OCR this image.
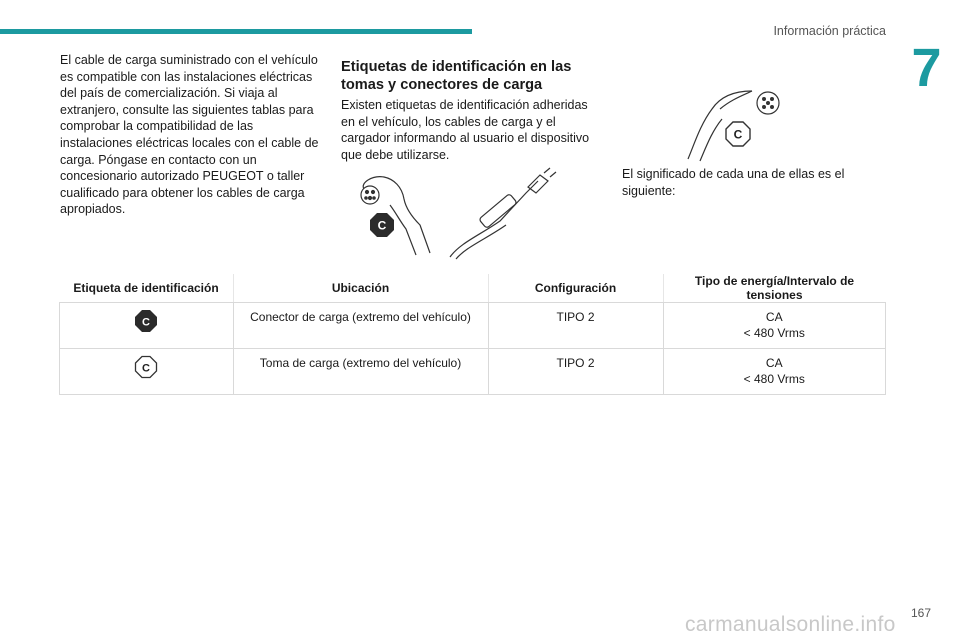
Información práctica
7
El cable de carga suministrado con el vehículo es compatible con las instalaciones eléctricas del país de comercialización. Si viaja al extranjero, consulte las siguientes tablas para comprobar la compatibilidad de las instalaciones eléctricas locales con el cable de carga. Póngase en contacto con un concesionario autorizado PEUGEOT o taller cualificado para obtener los cables de carga apropiados.
Etiquetas de identificación en las tomas y conectores de carga
Existen etiquetas de identificación adheridas en el vehículo, los cables de carga y el cargador informando al usuario el dispositivo que debe utilizarse.
C
C
El significado de cada una de ellas es el siguiente:
Etiqueta de identificación	Ubicación	Configuración	Tipo de energía/Intervalo de tensiones

C	Conector de carga (extremo del vehículo)	TIPO 2	CA
< 480 Vrms

C	Toma de carga (extremo del vehículo)	TIPO 2	CA
< 480 Vrms
167
carmanualsonline.info
